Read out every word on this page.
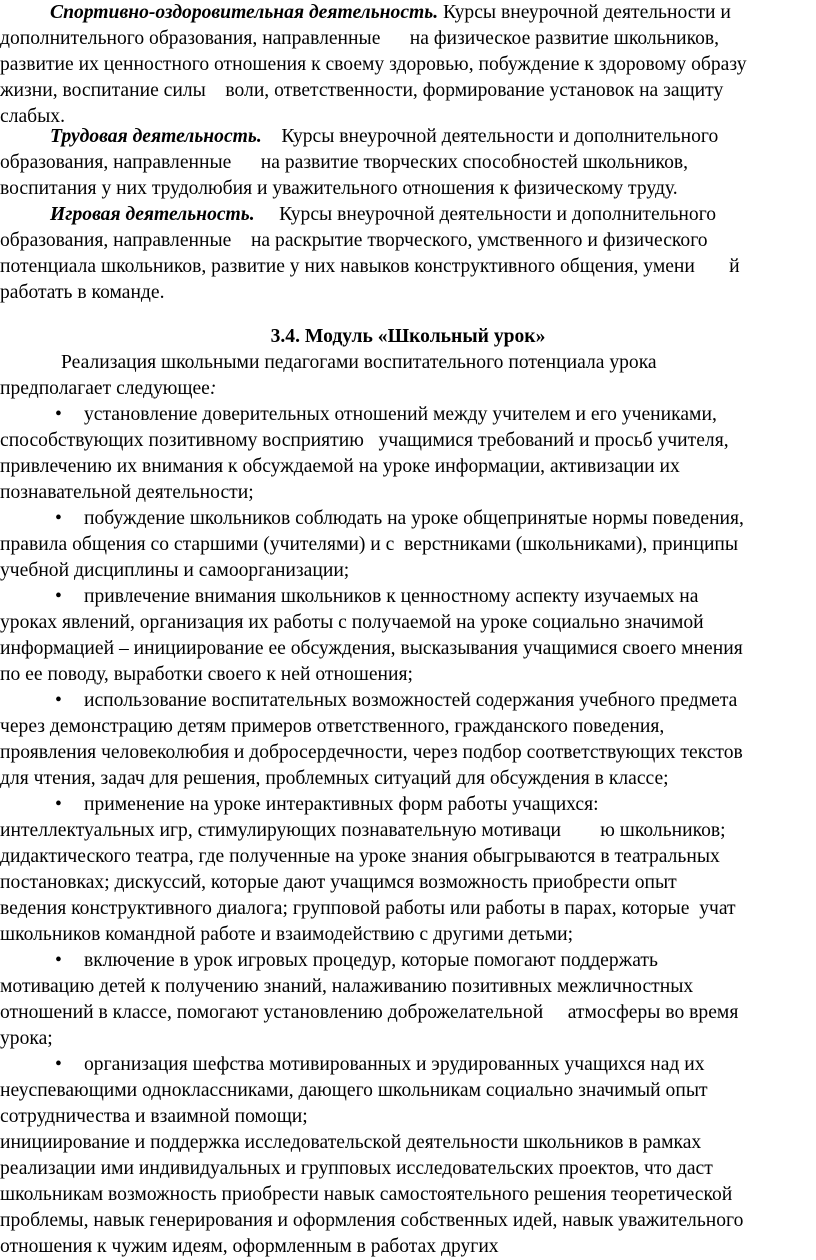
Спортивно-оздоровительная деятельность. Курсы внеурочной деятельности и
дополнительного образования, направленные      на физическое развитие школьников,
развитие их ценностного отношения к своему здоровью, побуждение к здоровому образу
жизни, воспитание силы    воли, ответственности, формирование установок на защиту
слабых.
Трудовая деятельность.    Курсы внеурочной деятельности и дополнительного
образования, направленные      на развитие творческих способностей школьников,
воспитания у них трудолюбия и уважительного отношения к физическому труду.
Игровая деятельность.     Курсы внеурочной деятельности и дополнительного
образования, направленные    на раскрытие творческого, умственного и физического
потенциала школьников, развитие у них навыков конструктивного общения, умени       й
работать в команде.
3.4. Модуль «Школьный урок»
Реализация школьными педагогами воспитательного потенциала урока
предполагает следующее:
• установление доверительных отношений между учителем и его учениками,
способствующих позитивному восприятию   учащимися требований и просьб учителя,
привлечению их внимания к обсуждаемой на уроке информации, активизации их
познавательной деятельности;
• побуждение школьников соблюдать на уроке общепринятые нормы поведения,
правила общения со старшими (учителями) и с  верстниками (школьниками), принципы
учебной дисциплины и самоорганизации;
• привлечение внимания школьников к ценностному аспекту изучаемых на
уроках явлений, организация их работы с получаемой на уроке социально значимой
информацией – инициирование ее обсуждения, высказывания учащимися своего мнения
по ее поводу, выработки своего к ней отношения;
• использование воспитательных возможностей содержания учебного предмета
через демонстрацию детям примеров ответственного, гражданского поведения,
проявления человеколюбия и добросердечности, через подбор соответствующих текстов
для чтения, задач для решения, проблемных ситуаций для обсуждения в классе;
• применение на уроке интерактивных форм работы учащихся:
интеллектуальных игр, стимулирующих познавательную мотиваци        ю школьников;
дидактического театра, где полученные на уроке знания обыгрываются в театральных
постановках; дискуссий, которые дают учащимся возможность приобрести опыт
ведения конструктивного диалога; групповой работы или работы в парах, которые  учат
школьников командной работе и взаимодействию с другими детьми;
• включение в урок игровых процедур, которые помогают поддержать
мотивацию детей к получению знаний, налаживанию позитивных межличностных
отношений в классе, помогают установлению доброжелательной     атмосферы во время
урока;
• организация шефства мотивированных и эрудированных учащихся над их
неуспевающими одноклассниками, дающего школьникам социально значимый опыт
сотрудничества и взаимной помощи;
инициирование и поддержка исследовательской деятельности школьников в рамках
реализации ими индивидуальных и групповых исследовательских проектов, что даст
школьникам возможность приобрести навык самостоятельного решения теоретической
проблемы, навык генерирования и оформления собственных идей, навык уважительного
отношения к чужим идеям, оформленным в работах других
